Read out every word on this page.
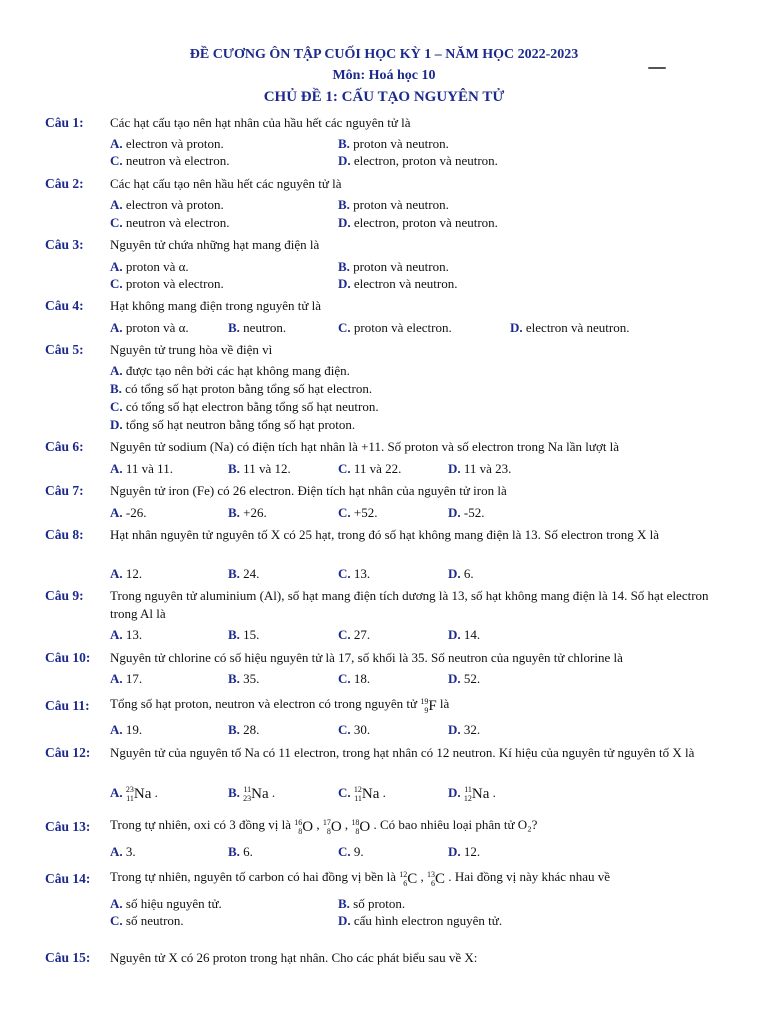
ĐỀ CƯƠNG ÔN TẬP CUỐI HỌC KỲ 1 – NĂM HỌC 2022-2023
Môn: Hoá học 10
CHỦ ĐỀ 1: CẤU TẠO NGUYÊN TỬ
Câu 1: Các hạt cấu tạo nên hạt nhân của hầu hết các nguyên tử là
A. electron và proton.	B. proton và neutron.
C. neutron và electron.	D. electron, proton và neutron.
Câu 2: Các hạt cấu tạo nên hầu hết các nguyên tử là
A. electron và proton.	B. proton và neutron.
C. neutron và electron.	D. electron, proton và neutron.
Câu 3: Nguyên tử chứa những hạt mang điện là
A. proton và α.	B. proton và neutron.
C. proton và electron.	D. electron và neutron.
Câu 4: Hạt không mang điện trong nguyên tử là
A. proton và α.	B. neutron.	C. proton và electron.	D. electron và neutron.
Câu 5: Nguyên tử trung hòa về điện vì
A. được tạo nên bởi các hạt không mang điện.
B. có tổng số hạt proton bằng tổng số hạt electron.
C. có tổng số hạt electron bằng tổng số hạt neutron.
D. tổng số hạt neutron bằng tổng số hạt proton.
Câu 6: Nguyên tử sodium (Na) có điện tích hạt nhân là +11. Số proton và số electron trong Na lần lượt là
A. 11 và 11.	B. 11 và 12.	C. 11 và 22.	D. 11 và 23.
Câu 7: Nguyên tử iron (Fe) có 26 electron. Điện tích hạt nhân của nguyên tử iron là
A. -26.	B. +26.	C. +52.	D. -52.
Câu 8: Hạt nhân nguyên tử nguyên tố X có 25 hạt, trong đó số hạt không mang điện là 13. Số electron trong X là
A. 12.	B. 24.	C. 13.	D. 6.
Câu 9: Trong nguyên tử aluminium (Al), số hạt mang điện tích dương là 13, số hạt không mang điện là 14. Số hạt electron trong Al là
A. 13.	B. 15.	C. 27.	D. 14.
Câu 10: Nguyên tử chlorine có số hiệu nguyên tử là 17, số khối là 35. Số neutron của nguyên tử chlorine là
A. 17.	B. 35.	C. 18.	D. 52.
Câu 11: Tổng số hạt proton, neutron và electron có trong nguyên tử 19
9 F là
A. 19.	B. 28.	C. 30.	D. 32.
Câu 12: Nguyên tử của nguyên tố Na có 11 electron, trong hạt nhân có 12 neutron. Kí hiệu của nguyên tử nguyên tố X là
A. 23
11 Na .	B. 11
23 Na .	C. 12
11 Na .	D. 11
12 Na .
Câu 13: Trong tự nhiên, oxi có 3 đồng vị là 16
8 O , 17
8 O , 18
8 O . Có bao nhiêu loại phân tử O₂?
A. 3.	B. 6.	C. 9.	D. 12.
Câu 14: Trong tự nhiên, nguyên tố carbon có hai đồng vị bền là 12
6 C , 13
6 C . Hai đồng vị này khác nhau về
A. số hiệu nguyên tử.	B. số proton.
C. số neutron.	D. cấu hình electron nguyên tử.
Câu 15: Nguyên tử X có 26 proton trong hạt nhân. Cho các phát biểu sau về X:
